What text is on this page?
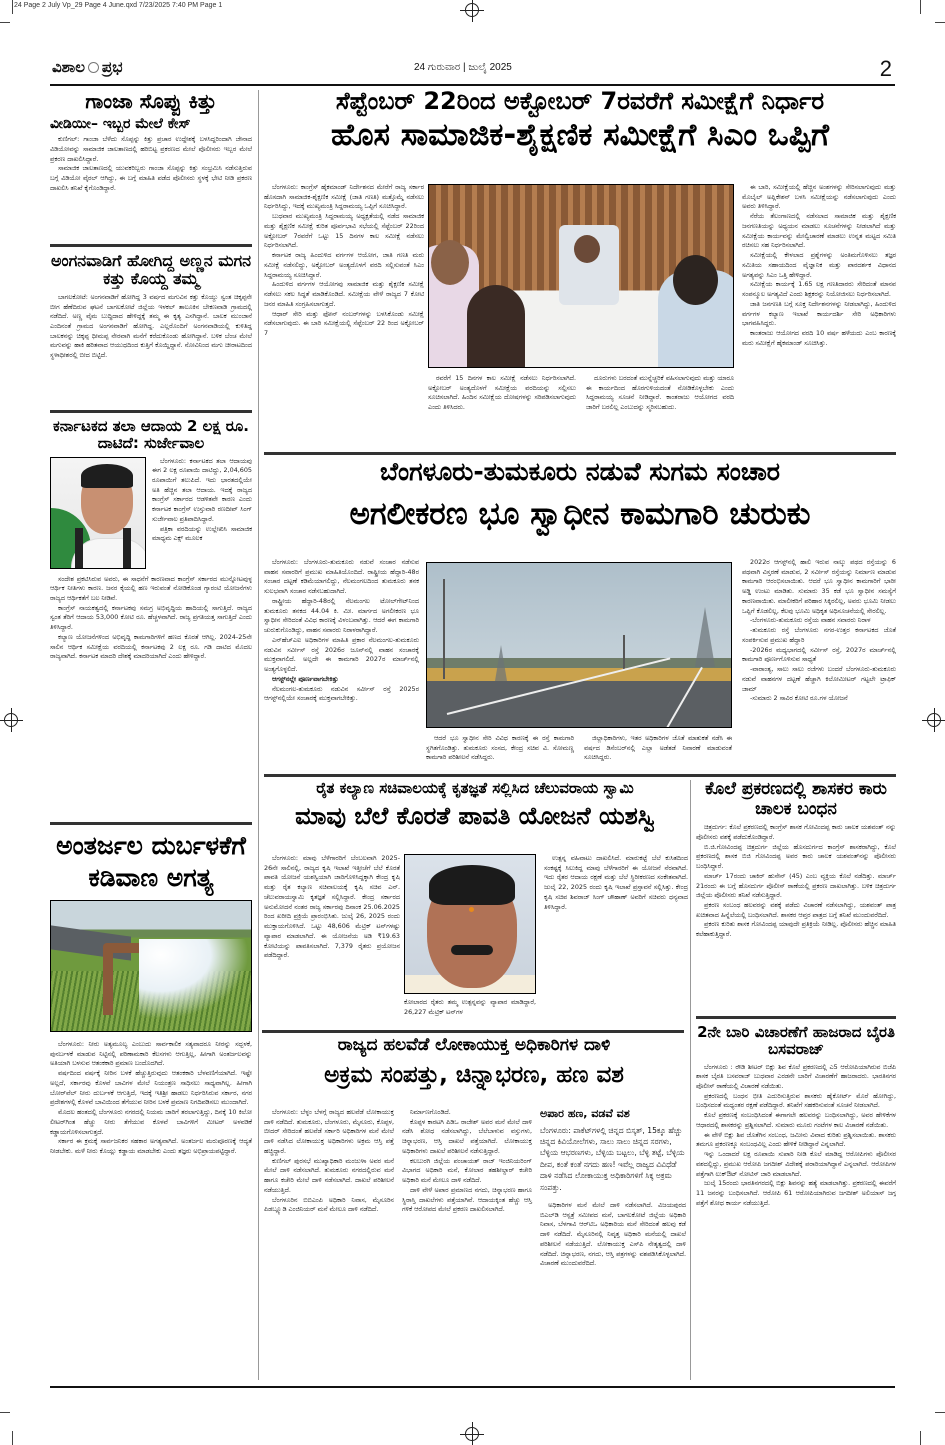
24 Page 2 July Vp_29 Page 4 June.qxd 7/23/2025 7:40 PM Page 1
ವಿಶಾಲ ಪ್ರಭ	24 ಗುರುವಾರ | ಜುಲೈ 2025	2
ಗಾಂಜಾ ಸೊಪ್ಪು ಕಿತ್ತು
ವೀಡಿಯೀ– ಇಬ್ಬರ ಮೇಲೆ ಕೇಸ್

ಕುಣಿಗಲ್: ಗಾಂಜಾ ಬೆಳೆದು ಸೊಪ್ಪನ್ನು ಕಿತ್ತು ಪ್ರಚಾರ ಉದ್ದೇಶಕ್ಕೆ ಬಳಸಿದ್ದರಿಂದಾಗಿ ಜೇನಾದ ವಿಡಿಯೋವನ್ನು ಸಾಮಾಜಿಕ ಜಾಲತಾಣದಲ್ಲಿ ಹರಿಬಿಟ್ಟ ಪ್ರಕರಣದ ಮೇಲೆ ಪೊಲೀಸರು ಇಬ್ಬರ ಮೇಲೆ ಪ್ರಕರಣ ದಾಖಲಿಸಿದ್ದಾರೆ.

ಸಾಮಾಜಿಕ ಜಾಲತಾಣದಲ್ಲಿ ಯುವಕರಿಬ್ಬರು ಗಾಂಜಾ ಸೊಪ್ಪನ್ನು ಕಿತ್ತು ಸಂಭ್ರಮಿಸಿ ನಡೆಸುತ್ತಿರುವ ಬಗ್ಗೆ ವಿಡಿಯೋ ವೈರಲ್ ಆಗಿದ್ದು, ಈ ಬಗ್ಗೆ ಮಾಹಿತಿ ಪಡೆದ ಪೊಲೀಸರು ಸ್ಥಳಕ್ಕೆ ಭೇಟಿ ನೀಡಿ ಪ್ರಕರಣ ದಾಖಲಿಸಿ ತನಿಖೆ ಕೈಗೊಂಡಿದ್ದಾರೆ.

ಅಂಗನವಾಡಿಗೆ ಹೋಗಿದ್ದ ಅಣ್ಣನ ಮಗನ ಕತ್ತು ಕೊಯ್ದ ತಮ್ಮ

ಬಾಗಲಕೋಟೆ: ಅಂಗನವಾಡಿಗೆ ಹೋಗಿದ್ದ 3 ವರ್ಷದ ಮಗುವಿನ ಕತ್ತು ಕೊಯ್ದು ಸ್ವಂತ ಚಿಕ್ಕಪ್ಪನೇ ಬೀಗ ಹೆಣೆದಿರುವ ಘಟನೆ ಬಾಗಲಕೋಟೆ ಜಿಲ್ಲೆಯ ಇಳಕಲ್ ತಾಲೂಕಿನ ಬೇಕಣವಾಡಿ ಗ್ರಾಮದಲ್ಲಿ ನಡೆದಿದೆ. ಅಣ್ಣ ವೈಮ ಬುದ್ಧಿದಾದ ಹೇಳಿದ್ದಕ್ಕೆ ತಮ್ಮ ಈ ಕೃತ್ಯ ಎಸಗಿದ್ದಾನೆ. ಬಾಲಕ ಮುಂಜಾನೆ ಎಂದಿನಂತೆ ಗ್ರಾಮದ ಅಂಗನವಾಡಿಗೆ ಹೋಗಿದ್ದ. ಎಲ್ಲರೊಂದಿಗೆ ಅಂಗನವಾಡಿಯಲ್ಲಿ ಕುಳಿತಿದ್ದ ಬಾಲಕನನ್ನು ಚಿಕ್ಕಪ್ಪ ಧೀಮಪ್ಪ ನೇರವಾಗಿ ಮನೆಗೆ ಕರೆದುಕೊಂಡು ಹೋಗಿದ್ದಾನೆ. ಬಳಿಕ ಬೆಂಚ ಮೇಲೆ ಮಗುವನ್ನು ಹಾಕಿ ಹರಿತವಾದ ಆಯುಧದಿಂದ ಕುತ್ತಿಗೆ ಕೊಯ್ದಿದ್ದಾನೆ. ನೋವಿನಿಂದ ಮಗು ಚೀರಾಟದಿಂದ ಸ್ಥಳಾಧೀಶರಲ್ಲಿ ಬೀದ ಬಿಟ್ಟಿದೆ.

ಕರ್ನಾಟಕದ ತಲಾ ಆದಾಯ 2 ಲಕ್ಷ ರೂ. ದಾಟಿದೆ: ಸುರ್ಜೇವಾಲ

ಬೆಂಗಳೂರು: ಕರ್ನಾಟಕದ ತಲಾ ಆದಾಯವು ಈಗ 2 ಲಕ್ಷ ರೂಪಾಯಿ ದಾಟಿದ್ದು, 2,04,605 ರೂಪಾಯಿಗೆ ತಲುಪಿದೆ. ಇದು ಭಾರತದಲ್ಲಿಯೇ ಅತಿ ಹೆಚ್ಚಿನ ತಲಾ ಆದಾಯ. ಇದಕ್ಕೆ ರಾಜ್ಯದ ಕಾಂಗ್ರೆಸ್ ಸರ್ಕಾರದ ಆಡಳಿತವೇ ಕಾರಣ ಎಂದು ಕರ್ನಾಟಕ ಕಾಂಗ್ರೆಸ್ ಉಸ್ತುವಾರಿ ರಣದೀಪ್ ಸಿಂಗ್ ಸುರ್ಜೇವಾಲ ಪ್ರತಿಪಾದಿಸಿದ್ದಾರೆ.

ಪತ್ರಿಕಾ ವರದಿಯನ್ನು ಉಲ್ಲೇಖಿಸಿ ಸಾಮಾಜಿಕ ಮಾಧ್ಯಮ ಎಕ್ಸ್ ಮೂಲಕ

ಸಂದೇಶ ಪ್ರಕಟಿಸಿರುವ ಅವರು, ಈ ಸಾಧನೆಗೆ ಕಾರಣವಾದ ಕಾಂಗ್ರೆಸ್ ಸರ್ಕಾರದ ಮುನ್ನೋಟವುಳ್ಳ ಆರ್ಥಿಕ ನೀತಿಗಳು ಕಾರಣ. ಜನರ ಕೈಯಲ್ಲಿ ಹಣ ಇರುವಂತೆ ನೋಡಿಕೊಂಡ ಗ್ಯಾರಂಟಿ ಯೋಜನೆಗಳು ರಾಜ್ಯದ ಆರ್ಥಿಕತೆಗೆ ಬಲ ನೀಡಿವೆ.

ಕಾಂಗ್ರೆಸ್ ನಾಯಕತ್ವದಲ್ಲಿ ಕರ್ನಾಟಕವು ಸಮಗ್ರ ಅಭಿವೃದ್ಧಿಯ ಹಾದಿಯಲ್ಲಿ ಸಾಗುತ್ತಿದೆ. ರಾಜ್ಯದ ಸ್ವಂತ ತೆರಿಗೆ ಆದಾಯ 53,000 ಕೋಟಿ ರೂ. ಹೆಚ್ಚಳವಾಗಿದೆ. ರಾಜ್ಯ ಪ್ರಗತಿಯತ್ತ ಸಾಗುತ್ತಿದೆ ಎಂದು ತಿಳಿಸಿದ್ದಾರೆ.

ಕಲ್ಯಾಣ ಯೋಜನೆಗಳಿಂದ ಅಭಿವೃದ್ಧಿ ಕಾಮಗಾರಿಗಳಿಗೆ ಹಣದ ಕೊರತೆ ಆಗಿಲ್ಲ. 2024-25ನೇ ಸಾಲಿನ ಆರ್ಥಿಕ ಸಮೀಕ್ಷೆಯ ವರದಿಯಲ್ಲಿ ಕರ್ನಾಟಕವು 2 ಲಕ್ಷ ರೂ. ಗಡಿ ದಾಟಿದ ಮೊದಲ ರಾಜ್ಯವಾಗಿದೆ. ಕರ್ನಾಟಕ ಮಾದರಿ ದೇಶಕ್ಕೆ ಮಾದರಿಯಾಗಿದೆ ಎಂದು ಹೇಳಿದ್ದಾರೆ.

ಅಂತರ್ಜಲ ದುರ್ಬಳಕೆಗೆ ಕಡಿವಾಣ ಅಗತ್ಯ

ಬೆಂಗಳೂರು: ನೀರು ಅತ್ಯಮೂಲ್ಯ ಎಂಬುದು ಸಾರ್ವಕಾಲಿಕ ಸತ್ಯವಾದರೂ ನೀರನ್ನು ಸದ್ಬಳಕೆ, ಪುನರ್ಬಳಕೆ ಮಾಡುವ ನಿಟ್ಟಿನಲ್ಲಿ ಪರಿಣಾಮಕಾರಿ ಕೆಲಸಗಳು ಆಗುತ್ತಿಲ್ಲ, ಹೀಗಾಗಿ ಅಂತರ್ಜಲವನ್ನು ಅತಿಯಾಗಿ ಬಳಸುವ ಆತಂಕಕಾರಿ ಪ್ರಮಾಣ ಬಂದೊದಗಿದೆ.

ವರ್ಷದಿಂದ ವರ್ಷಕ್ಕೆ ನೀರಿನ ಬಳಕೆ ಹೆಚ್ಚುತ್ತಿರುವುದು ಆತಂಕಕಾರಿ ಬೆಳವಣಿಗೆಯಾಗಿದೆ. ಇಷ್ಟೇ ಅಲ್ಲದೆ, ಸರ್ಕಾರವು ಕೊಳವೆ ಬಾವಿಗಳ ಮೇಲೆ ನಿಯಂತ್ರಣ ಸಾಧಿಸಲು ಸಾಧ್ಯವಾಗಿಲ್ಲ. ಹೀಗಾಗಿ ಬೋರ್‌ವೆಲ್ ನೀರು ದುರ್ಬಳಕೆ ಆಗುತ್ತಿದೆ, ಇದಕ್ಕೆ ಇತಿಶ್ರೀ ಹಾಡಲು ನಿರ್ಧರಿಸಿರುವ ಸರ್ಕಾರ, ನಗರ ಪ್ರದೇಶಗಳಲ್ಲಿ ಕೊಳವೆ ಬಾವಿಯಿಂದ ತೆಗೆಯುವ ನೀರಿನ ಬಳಕೆ ಪ್ರಮಾಣ ನಿಗದಿಪಡಿಸಲು ಮುಂದಾಗಿದೆ.

ಮೊದಲ ಹಂತದಲ್ಲಿ ಬೆಂಗಳೂರು ನಗರದಲ್ಲಿ ನಿಯಮ ಜಾರಿಗೆ ತರಲಾಗುತ್ತಿದ್ದು, ದಿನಕ್ಕೆ 10 ಕಿಲೋ ಲೀಟರ್‌ಗಿಂತ ಹೆಚ್ಚು ನೀರು ತೆಗೆಯುವ ಕೊಳವೆ ಬಾವಿಗಳಿಗೆ ಮೀಟರ್ ಅಳವಡಿಕೆ ಕಡ್ಡಾಯಗೊಳಿಸಲಾಗುತ್ತದೆ.

ಸರ್ಕಾರ ಈ ಕ್ರಮಕ್ಕೆ ಸಾರ್ವಜನಿಕರ ಸಹಕಾರ ಅಗತ್ಯವಾಗಿದೆ. ಅಂತರ್ಜಲ ಮರುಪೂರಣಕ್ಕೆ ಆದ್ಯತೆ ನೀಡಬೇಕು. ಮಳೆ ನೀರು ಕೊಯ್ಲು ಕಡ್ಡಾಯ ಮಾಡಬೇಕು ಎಂದು ತಜ್ಞರು ಅಭಿಪ್ರಾಯಪಟ್ಟಿದ್ದಾರೆ.

ಸೆಪ್ಟೆಂಬರ್ 22ರಿಂದ ಅಕ್ಟೋಬರ್ 7ರವರೆಗೆ ಸಮೀಕ್ಷೆಗೆ ನಿರ್ಧಾರ
ಹೊಸ ಸಾಮಾಜಿಕ-ಶೈಕ್ಷಣಿಕ ಸಮೀಕ್ಷೆಗೆ ಸಿಎಂ ಒಪ್ಪಿಗೆ

ಬೆಂಗಳೂರು: ಕಾಂಗ್ರೆಸ್ ಹೈಕಮಾಂಡ್ ನಿರ್ದೇಶನದ ಮೇರೆಗೆ ರಾಜ್ಯ ಸರ್ಕಾರ ಹೊಸದಾಗಿ ಸಾಮಾಜಿಕ-ಶೈಕ್ಷಣಿಕ ಸಮೀಕ್ಷೆ (ಜಾತಿ ಗಣತಿ) ಮತ್ತೊಮ್ಮೆ ನಡೆಸಲು ನಿರ್ಧರಿಸಿದ್ದು, ಇದಕ್ಕೆ ಮುಖ್ಯಮಂತ್ರಿ ಸಿದ್ದರಾಮಯ್ಯ ಒಪ್ಪಿಗೆ ಸೂಚಿಸಿದ್ದಾರೆ.

ಬುಧವಾರ ಮುಖ್ಯಮಂತ್ರಿ ಸಿದ್ದರಾಮಯ್ಯ ಅಧ್ಯಕ್ಷತೆಯಲ್ಲಿ ನಡೆದ ಸಾಮಾಜಿಕ ಮತ್ತು ಶೈಕ್ಷಣಿಕ ಸಮೀಕ್ಷೆ ಕುರಿತ ಪೂರ್ವಭಾವಿ ಸಭೆಯಲ್ಲಿ ಸೆಪ್ಟೆಂಬರ್ 22ರಿಂದ ಅಕ್ಟೋಬರ್ 7ರವರೆಗೆ ಒಟ್ಟು 15 ದಿನಗಳ ಕಾಲ ಸಮೀಕ್ಷೆ ನಡೆಸಲು ನಿರ್ಧರಿಸಲಾಗಿದೆ.

ಕರ್ನಾಟಕ ರಾಜ್ಯ ಹಿಂದುಳಿದ ವರ್ಗಗಳ ಆಯೋಗ, ಜಾತಿ ಗಣತಿ ಮರು ಸಮೀಕ್ಷೆ ನಡೆಸಲಿದ್ದು, ಅಕ್ಟೋಬರ್ ಅಂತ್ಯದೊಳಗೆ ವರದಿ ಸಲ್ಲಿಸುವಂತೆ ಸಿಎಂ ಸಿದ್ದರಾಮಯ್ಯ ಸೂಚಿಸಿದ್ದಾರೆ.

ಹಿಂದುಳಿದ ವರ್ಗಗಳ ಆಯೋಗವು ಸಾಮಾಜಿಕ ಮತ್ತು ಶೈಕ್ಷಣಿಕ ಸಮೀಕ್ಷೆ ನಡೆಸಲು ಸಕಲ ಸಿದ್ಧತೆ ಮಾಡಿಕೊಂಡಿದೆ. ಸಮೀಕ್ಷೆಯ ವೇಳೆ ರಾಜ್ಯದ 7 ಕೋಟಿ ಜನರ ಮಾಹಿತಿ ಸಂಗ್ರಹಿಸಲಾಗುತ್ತದೆ.

ಆಧಾರ್ ಸೇರಿ ಮತ್ತು ಫೋನ್ ನಂಬರ್‌ಗಳನ್ನು ಬಳಸಿಕೊಂಡು ಸಮೀಕ್ಷೆ ನಡೆಸಲಾಗುವುದು. ಈ ಬಾರಿ ಸಮೀಕ್ಷೆಯಲ್ಲಿ ಸೆಪ್ಟೆಂಬರ್ 22 ರಿಂದ ಅಕ್ಟೋಬರ್ 7

ರವರೆಗೆ 15 ದಿನಗಳ ಕಾಲ ಸಮೀಕ್ಷೆ ನಡೆಸಲು ನಿರ್ಧರಿಸಲಾಗಿದೆ. ಅಕ್ಟೋಬರ್ ಅಂತ್ಯದೊಳಗೆ ಸಮೀಕ್ಷೆಯ ವರದಿಯನ್ನು ಸಲ್ಲಿಸಲು ಸೂಚಿಸಲಾಗಿದೆ. ಹಿಂದಿನ ಸಮೀಕ್ಷೆಯ ದೋಷಗಳನ್ನು ಸರಿಪಡಿಸಲಾಗುವುದು ಎಂದು ತಿಳಿಸಿದರು.

ದೂರುಗಳು ಬರದಂತೆ ಮುನ್ನೆಚ್ಚರಿಕೆ ವಹಿಸಲಾಗುವುದು ಮತ್ತು ಯಾರೂ ಈ ಕಾರ್ಯದಿಂದ ಹೊರಗುಳಿಯದಂತೆ ನೋಡಿಕೊಳ್ಳಬೇಕು ಎಂದು ಸಿದ್ದರಾಮಯ್ಯ ಸೂಚನೆ ನೀಡಿದ್ದಾರೆ. ಕಾಂತರಾಜು ಆಯೋಗದ ವರದಿ ಜಾರಿಗೆ ಬರಲಿಲ್ಲ ಎಂಬುದನ್ನು ಸ್ಮರಿಸಬಹುದು.

ಈ ಬಾರಿ, ಸಮೀಕ್ಷೆಯಲ್ಲಿ ಹೆಚ್ಚಿನ ಅಂಶಗಳನ್ನು ಸೇರಿಸಲಾಗುವುದು ಮತ್ತು ಮೊಬೈಲ್ ಅಪ್ಲಿಕೇಶನ್ ಬಳಸಿ ಸಮೀಕ್ಷೆಯನ್ನು ನಡೆಸಲಾಗುವುದು ಎಂದು ಅವರು ತಿಳಿಸಿದ್ದಾರೆ.

ನೆರೆಯ ತೆಲಂಗಾಣದಲ್ಲಿ ನಡೆಸಲಾದ ಸಾಮಾಜಿಕ ಮತ್ತು ಶೈಕ್ಷಣಿಕ ಜನಗಣತಿಯನ್ನು ಅಧ್ಯಯನ ಮಾಡಲು ಸೂಚನೆಗಳನ್ನು ನೀಡಲಾಗಿದೆ ಮತ್ತು ಸಮೀಕ್ಷೆಯ ಕಾರ್ಯವನ್ನು ಮೇಲ್ವಿಚಾರಣೆ ಮಾಡಲು ಉನ್ನತ ಮಟ್ಟದ ಸಮಿತಿ ರಚಿಸಲು ಸಹ ನಿರ್ಧರಿಸಲಾಗಿದೆ.

ಸಮೀಕ್ಷೆಯಲ್ಲಿ ಕೇಳಲಾದ ಪ್ರಶ್ನೆಗಳನ್ನು ಅಂತಿಮಗೊಳಿಸಲು ತಜ್ಞರ ಸಮಿತಿಯ ಸಹಾಯದಿಂದ ವೈಜ್ಞಾನಿಕ ಮತ್ತು ಪಾರದರ್ಶಕ ವಿಧಾನದ ಅಗತ್ಯವನ್ನು ಸಿಎಂ ಒತ್ತಿ ಹೇಳಿದ್ದಾರೆ.

ಸಮೀಕ್ಷೆಯ ಕಾರ್ಯಕ್ಕೆ 1.65 ಲಕ್ಷ ಗಣತಿದಾರರು ಸೇರಿದಂತೆ ಮಾನವ ಸಂಪನ್ಮೂಲ ಅಗತ್ಯವಿದೆ ಎಂದು ಶಿಕ್ಷಕರನ್ನು ನಿಯೋಜಿಸಲು ನಿರ್ಧರಿಸಲಾಗಿದೆ.

ಜಾತಿ ಜನಗಣತಿ ಬಗ್ಗೆ ಸೂಕ್ತ ನಿರ್ದೇಶನಗಳನ್ನು ನೀಡಲಾಗಿದ್ದು, ಹಿಂದುಳಿದ ವರ್ಗಗಳ ಕಲ್ಯಾಣ ಇಲಾಖೆ ಕಾರ್ಯದರ್ಶಿ ಸೇರಿ ಅಧಿಕಾರಿಗಳು ಭಾಗವಹಿಸಿದ್ದರು.

ಕಾಂತರಾಜು ಆಯೋಗದ ವರದಿ 10 ವರ್ಷ ಹಳೆಯದು ಎಂಬ ಕಾರಣಕ್ಕೆ ಮರು ಸಮೀಕ್ಷೆಗೆ ಹೈಕಮಾಂಡ್ ಸೂಚಿಸಿತ್ತು.

ಬೆಂಗಳೂರು-ತುಮಕೂರು ನಡುವೆ ಸುಗಮ ಸಂಚಾರ
ಅಗಲೀಕರಣ ಭೂ ಸ್ವಾಧೀನ ಕಾಮಗಾರಿ ಚುರುಕು

ಬೆಂಗಳೂರು: ಬೆಂಗಳೂರು-ತುಮಕೂರು ನಡುವೆ ಸಂಚಾರ ನಡೆಸುವ ವಾಹನ ಸವಾರರಿಗೆ ಪ್ರಮುಖ ಮಾಹಿತಿಯೊಂದಿದೆ. ರಾಷ್ಟ್ರೀಯ ಹೆದ್ದಾರಿ-48ರ ಸಂಚಾರ ದಟ್ಟಣೆ ಕಡಿಮೆಯಾಗಲಿದ್ದು, ನೆಲಮಂಗಲದಿಂದ ತುಮಕೂರು ತನಕ ಸುಲಭವಾಗಿ ಸಂಚಾರ ನಡೆಸಬಹುದಾಗಿದೆ.

ರಾಷ್ಟ್ರೀಯ ಹೆದ್ದಾರಿ-48ರಲ್ಲಿ ನೆಲಮಂಗಲ ಟೋಲ್‌ಗೇಟ್‌ನಿಂದ ತುಮಕೂರು ತನಕದ 44.04 ಕಿ. ಮೀ. ಮಾರ್ಗದ ಅಗಲೀಕರಣ ಭೂ ಸ್ವಾಧೀನ ಸೇರಿದಂತೆ ವಿವಿಧ ಕಾರಣಕ್ಕೆ ವಿಳಂಬವಾಗಿತ್ತು. ಆದರೆ ಈಗ ಕಾಮಗಾರಿ ಚುರುಕುಗೊಂಡಿದ್ದು, ವಾಹನ ಸವಾರರು ನಿರಾಳರಾಗಿದ್ದಾರೆ.

ಎನ್‌ಹೆಚ್‌ಎಐ ಅಧಿಕಾರಿಗಳ ಮಾಹಿತಿ ಪ್ರಕಾರ ನೆಲಮಂಗಲ-ತುಮಕೂರು ನಡುವಿನ ಸರ್ವೀಸ್ ರಸ್ತೆ 2026ರ ಜೂನ್‌ನಲ್ಲಿ ವಾಹನ ಸಂಚಾರಕ್ಕೆ ಮುಕ್ತವಾಗಲಿದೆ. ಅಲ್ಲದೇ ಈ ಕಾಮಗಾರಿ 2027ರ ಮಾರ್ಚ್‌ನಲ್ಲಿ ಅಂತ್ಯಗೊಳ್ಳಲಿದೆ.

ಆಗಸ್ಟ್‌ನಲ್ಲೇ ಪೂರ್ಣವಾಗಬೇಕಿತ್ತು

ನೆಲಮಂಗಲ-ತುಮಕೂರು ನಡುವಿನ ಸರ್ವೀಸ್ ರಸ್ತೆ 2025ರ ಆಗಸ್ಟ್‌ನಲ್ಲಿಯೇ ಸಂಚಾರಕ್ಕೆ ಮುಕ್ತವಾಗಬೇಕಿತ್ತು.

ಆದರೆ ಭೂ ಸ್ವಾಧೀನ ಸೇರಿ ವಿವಿಧ ಕಾರಣಕ್ಕೆ ಈ ರಸ್ತೆ ಕಾಮಗಾರಿ ಸ್ಥಗಿತಗೊಂಡಿತ್ತು. ತುಮಕೂರು ಸಂಸದ, ಕೇಂದ್ರ ಸಚಿವ ವಿ. ಸೋಮಣ್ಣ ಕಾಮಗಾರಿ ಪರಿಶೀಲನೆ ನಡೆಸಿದ್ದರು.

ಜಿಲ್ಲಾಧಿಕಾರಿಗಳು, ಇತರ ಅಧಿಕಾರಿಗಳ ಜೊತೆ ಮಾತುಕತೆ ನಡೆಸಿ ಈ ವರ್ಷದ ಡಿಸೆಂಬರ್‌ನಲ್ಲಿ ಎಲ್ಲಾ ಅಡೆತಡೆ ನಿವಾರಣೆ ಮಾಡುವಂತೆ ಸೂಚಿಸಿದ್ದರು.

2022ರ ಆಗಸ್ಟ್‌ನಲ್ಲಿ ಹಾಲಿ ಇರುವ ನಾಲ್ಕು ಪಥದ ರಸ್ತೆಯನ್ನು 6 ಪಥವಾಗಿ ವಿಸ್ತರಣೆ ಮಾಡುವ, 2 ಸರ್ವೀಸ್ ರಸ್ತೆಯನ್ನು ನಿರ್ಮಾಣ ಮಾಡುವ ಕಾಮಗಾರಿ ಆರಂಭಿಸಲಾಯಿತು. ಆದರೆ ಭೂ ಸ್ವಾಧೀನ ಕಾಮಗಾರಿಗೆ ಭಾರೀ ಅಡ್ಡಿ ಉಂಟು ಮಾಡಿತು. ಸುಮಾರು 35 ಕಡೆ ಭೂ ಸ್ವಾಧೀನ ಸಮಸ್ಯೆಗೆ ಕಾರಣವಾಯಿತು. ಮಾಲೀಕರಿಗೆ ಪರಿಹಾರ ಸಿಕ್ಕಿರಲಿಲ್ಲ, ಅವರು ಭೂಮಿ ನೀಡಲು ಒಪ್ಪಿಗೆ ಕೊಡಲಿಲ್ಲ, ಕೆಲವು ಭೂಮಿ ಅಧಿಕೃತ ಅಧಿಸೂಚನೆಯಲ್ಲಿ ಸೇರಲಿಲ್ಲ.

-ಬೆಂಗಳೂರು-ತುಮಕೂರು ರಸ್ತೆಯ ವಾಹನ ಸವಾರರು ನಿರಾಳ

-ತುಮಕೂರು ರಸ್ತೆ ಬೆಂಗಳೂರು ನಗರ-ಉತ್ತರ ಕರ್ನಾಟಕದ ಜೊತೆ ಸಂಪರ್ಕಿಸುವ ಪ್ರಮುಖ ಹೆದ್ದಾರಿ

-2026ರ ಮಧ್ಯಭಾಗದಲ್ಲಿ ಸರ್ವೀಸ್ ರಸ್ತೆ, 2027ರ ಮಾರ್ಚ್‌ನಲ್ಲಿ ಕಾಮಗಾರಿ ಪೂರ್ಣಗೊಳಿಸುವ ಸಾಧ್ಯತೆ

-ವಾರಾಂತ್ಯ, ಸಾಲು ಸಾಲು ರಜೆಗಳು ಬಂದರೆ ಬೆಂಗಳೂರು-ತುಮಕೂರು ನಡುವೆ ವಾಹನಗಳ ದಟ್ಟಣೆ ಹೆಚ್ಚಾಗಿ ಕಿಲೋಮೀಟರ್ ಗಟ್ಟಲೇ ಟ್ರಾಫಿಕ್ ಜಾಮ್

-ಸುಮಾರು 2 ಸಾವಿರ ಕೋಟಿ ರೂ.ಗಳ ಯೋಜನೆ

ರೈತ ಕಲ್ಯಾಣ ಸಚಿವಾಲಯಕ್ಕೆ ಕೃತಜ್ಞತೆ ಸಲ್ಲಿಸಿದ ಚೆಲುವರಾಯ ಸ್ವಾಮಿ
ಮಾವು ಬೆಲೆ ಕೊರತೆ ಪಾವತಿ ಯೋಜನೆ ಯಶಸ್ವಿ

ಬೆಂಗಳೂರು: ಮಾವು ಬೆಳೆಗಾರರಿಗೆ ಬೆಂಬಲವಾಗಿ 2025-26ನೇ ಸಾಲಿನಲ್ಲಿ, ರಾಜ್ಯದ ಕೃಷಿ ಇಲಾಖೆ ಇತ್ತೀಚೆಗೆ ಬೆಲೆ ಕೊರತೆ ಪಾವತಿ ಯೋಜನೆ ಯಶಸ್ವಿಯಾಗಿ ಜಾರಿಗೊಳಿಸಿದ್ದಕ್ಕಾಗಿ ಕೇಂದ್ರ ಕೃಷಿ ಮತ್ತು ರೈತ ಕಲ್ಯಾಣ ಸಚಿವಾಲಯಕ್ಕೆ ಕೃಷಿ ಸಚಿವ ಎನ್. ಚೆಲುವರಾಯಸ್ವಾಮಿ ಕೃತಜ್ಞತೆ ಸಲ್ಲಿಸಿದ್ದಾರೆ. ಕೇಂದ್ರ ಸರ್ಕಾರದ ಅನುಮೋದನೆ ನಂತರ ರಾಜ್ಯ ಸರ್ಕಾರವು ದಿನಾಂಕ 25.06.2025 ರಿಂದ ಖರೀದಿ ಪ್ರಕ್ರಿಯೆ ಪ್ರಾರಂಭಿಸಿತು. ಜುಲೈ 26, 2025 ರಂದು ಮುಕ್ತಾಯಗೊಳಿಸಿದೆ. ಒಟ್ಟು 48,606 ಮೆಟ್ರಿಕ್ ಟನ್‌ಗಳಷ್ಟು ವ್ಯಾಪಾರ ಮಾಡಲಾಗಿದೆ. ಈ ಯೋಜನೆಯ ಅಡಿ ₹19.63 ಕೋಟಿಯನ್ನು ಪಾವತಿಸಲಾಗಿದೆ. 7,379 ರೈತರು ಪ್ರಯೋಜನ ಪಡೆದಿದ್ದಾರೆ.

ಕೋಲಾರದ ರೈತರು ತಮ್ಮ ಉತ್ಪನ್ನವನ್ನು ವ್ಯಾಪಾರ ಮಾಡಿದ್ದಾರೆ, 26,227 ಮೆಟ್ರಿಕ್ ಟನ್‌ಗಳ

ಉತ್ಪನ್ನ ವಹಿವಾಟು ದಾಖಲಿಸಿದೆ. ಮಾರುಕಟ್ಟೆ ಬೆಲೆ ಕುಸಿತದಿಂದ ಸಂಕಷ್ಟಕ್ಕೆ ಸಿಲುಕಿದ್ದ ಮಾವು ಬೆಳೆಗಾರರಿಗೆ ಈ ಯೋಜನೆ ನೆರವಾಗಿದೆ. ಇದು ರೈತರ ಆದಾಯ ರಕ್ಷಣೆ ಮತ್ತು ಬೆಲೆ ಸ್ಥಿರೀಕರಣದ ಸಂಕೇತವಾಗಿದೆ. ಜುಲೈ 22, 2025 ರಂದು ಕೃಷಿ ಇಲಾಖೆ ಪ್ರಸ್ತಾವನೆ ಸಲ್ಲಿಸಿತ್ತು. ಕೇಂದ್ರ ಕೃಷಿ ಸಚಿವ ಶಿವರಾಜ್ ಸಿಂಗ್ ಚೌಹಾಣ್ ಅವರಿಗೆ ಸಚಿವರು ಧನ್ಯವಾದ ತಿಳಿಸಿದ್ದಾರೆ.

ಕೊಲೆ ಪ್ರಕರಣದಲ್ಲಿ ಶಾಸಕರ ಕಾರು ಚಾಲಕ ಬಂಧನ

ಚಿತ್ರದುರ್ಗ: ಕೊಲೆ ಪ್ರಕರಣದಲ್ಲಿ ಕಾಂಗ್ರೆಸ್ ಶಾಸಕ ಗೋವಿಂದಪ್ಪ ಕಾರು ಚಾಲಕ ಯಶವಂತ್ ನನ್ನು ಪೊಲೀಸರು ವಶಕ್ಕೆ ಪಡೆದುಕೊಂಡಿದ್ದಾರೆ.

ಬಿ.ಜಿ.ಗೋವಿಂದಪ್ಪ ಚಿತ್ರದುರ್ಗ ಜಿಲ್ಲೆಯ ಹೊಸದುರ್ಗದ ಕಾಂಗ್ರೆಸ್ ಶಾಸಕರಾಗಿದ್ದು, ಕೊಲೆ ಪ್ರಕರಣದಲ್ಲಿ ಶಾಸಕ ಬಿಜಿ ಗೋವಿಂದಪ್ಪ ಅವರ ಕಾರು ಚಾಲಕ ಯಶವಂತ್‌ನನ್ನು ಪೊಲೀಸರು ಬಂಧಿಸಿದ್ದಾರೆ.

ಮಾರ್ಚ್ 17ರಂದು ಚಾಕಿರ್ ಹುಸೇನ್ (45) ಎಂಬ ವ್ಯಕ್ತಿಯ ಕೊಲೆ ನಡೆದಿತ್ತು. ಮಾರ್ಚ್ 21ರಂದು ಈ ಬಗ್ಗೆ ಹೊಸದುರ್ಗ ಪೊಲೀಸ್ ಠಾಣೆಯಲ್ಲಿ ಪ್ರಕರಣ ದಾಖಲಾಗಿತ್ತು. ಬಳಿಕ ಚಿತ್ರದುರ್ಗ ಜಿಲ್ಲೆಯ ಪೊಲೀಸರು ತನಿಖೆ ನಡೆಸುತ್ತಿದ್ದಾರೆ.

ಪ್ರಕರಣ ಸಂಬಂಧ ಹಲವರನ್ನು ವಶಕ್ಕೆ ಪಡೆದು ವಿಚಾರಣೆ ನಡೆಸಲಾಗಿದ್ದು, ಯಶವಂತ್ ಪಾತ್ರ ಖಚಿತವಾದ ಹಿನ್ನೆಲೆಯಲ್ಲಿ ಬಂಧಿಸಲಾಗಿದೆ. ಶಾಸಕರ ಆಪ್ತರ ಪಾತ್ರದ ಬಗ್ಗೆ ತನಿಖೆ ಮುಂದುವರೆದಿದೆ.

ಪ್ರಕರಣ ಕುರಿತು ಶಾಸಕ ಗೋವಿಂದಪ್ಪ ಯಾವುದೇ ಪ್ರತಿಕ್ರಿಯೆ ನೀಡಿಲ್ಲ. ಪೊಲೀಸರು ಹೆಚ್ಚಿನ ಮಾಹಿತಿ ಕಲೆಹಾಕುತ್ತಿದ್ದಾರೆ.

2ನೇ ಬಾರಿ ವಿಚಾರಣೆಗೆ ಹಾಜರಾದ ಬೈರತಿ ಬಸವರಾಜ್

ಬೆಂಗಳೂರು : ರೌಡಿ ಶೀಟರ್ ಬಿಕ್ಲು ಶಿವ ಕೊಲೆ ಪ್ರಕರಣದಲ್ಲಿ ಎ5 ಆರೋಪಿಯಾಗಿರುವ ಬಿಜೆಪಿ ಶಾಸಕ ಬೈರತಿ ಬಸವರಾಜ್ ಬುಧವಾರ ಎರಡನೇ ಬಾರಿಗೆ ವಿಚಾರಣೆಗೆ ಹಾಜರಾದರು. ಭಾರತಿನಗರ ಪೊಲೀಸ್ ಠಾಣೆಯಲ್ಲಿ ವಿಚಾರಣೆ ನಡೆಯಿತು.

ಪ್ರಕರಣದಲ್ಲಿ ಬಂಧನ ಭೀತಿ ಎದುರಿಸುತ್ತಿರುವ ಶಾಸಕರು ಹೈಕೋರ್ಟ್ ಮೊರೆ ಹೋಗಿದ್ದು, ಬಂಧಿಸದಂತೆ ಮಧ್ಯಂತರ ರಕ್ಷಣೆ ಪಡೆದಿದ್ದಾರೆ. ತನಿಖೆಗೆ ಸಹಕರಿಸುವಂತೆ ಸೂಚನೆ ನೀಡಲಾಗಿದೆ.

ಕೊಲೆ ಪ್ರಕರಣಕ್ಕೆ ಸಂಬಂಧಿಸಿದಂತೆ ಈಗಾಗಲೇ ಹಲವರನ್ನು ಬಂಧಿಸಲಾಗಿದ್ದು, ಅವರ ಹೇಳಿಕೆಗಳ ಆಧಾರದಲ್ಲಿ ಶಾಸಕರನ್ನು ಪ್ರಶ್ನಿಸಲಾಗಿದೆ. ಸುಮಾರು ಮೂರು ಗಂಟೆಗಳ ಕಾಲ ವಿಚಾರಣೆ ನಡೆಯಿತು.

ಈ ವೇಳೆ ಬಿಕ್ಲು ಶಿವ ಜೊತೆಗಿನ ಸಂಬಂಧ, ಜಮೀನು ವಿವಾದ ಕುರಿತು ಪ್ರಶ್ನಿಸಲಾಯಿತು. ಶಾಸಕರು ತಮಗೂ ಪ್ರಕರಣಕ್ಕೂ ಸಂಬಂಧವಿಲ್ಲ ಎಂದು ಹೇಳಿಕೆ ನೀಡಿದ್ದಾರೆ ಎನ್ನಲಾಗಿದೆ.

ಇನ್ನು ಒಂದಾದರೆ ಲಕ್ಷ ರೂಪಾಯಿ ಸುಪಾರಿ ನೀಡಿ ಕೊಲೆ ಮಾಡಿದ್ದ ಆರೋಪಿಗಳು ಪೊಲೀಸರ ವಶದಲ್ಲಿದ್ದು, ಪ್ರಮುಖ ಆರೋಪಿ ಜಗದೀಶ್ ವಿದೇಶಕ್ಕೆ ಪರಾರಿಯಾಗಿದ್ದಾನೆ ಎನ್ನಲಾಗಿದೆ. ಆರೋಪಿಗಳ ಪತ್ತೆಗಾಗಿ ಲುಕ್‌ಔಟ್ ನೋಟಿಸ್ ಜಾರಿ ಮಾಡಲಾಗಿದೆ.

ಜುಲೈ 15ರಂದು ಭಾರತಿನಗರದಲ್ಲಿ ಬಿಕ್ಲು ಶಿವನನ್ನು ಹತ್ಯೆ ಮಾಡಲಾಗಿತ್ತು. ಪ್ರಕರಣದಲ್ಲಿ ಈವರೆಗೆ 11 ಜನರನ್ನು ಬಂಧಿಸಲಾಗಿದೆ. ಆರೋಪಿ 61 ಆರೋಪಿಯಾಗಿರುವ ಜಗದೀಶ್ ಅಲಿಯಾಸ್ ಜಗ್ಗ ಪತ್ತೆಗೆ ಶೋಧ ಕಾರ್ಯ ನಡೆಯುತ್ತಿದೆ.

ರಾಜ್ಯದ ಹಲವೆಡೆ ಲೋಕಾಯುಕ್ತ ಅಧಿಕಾರಿಗಳ ದಾಳಿ
ಅಕ್ರಮ ಸಂಪತ್ತು, ಚಿನ್ನಾಭರಣ, ಹಣ ವಶ

ಬೆಂಗಳೂರು: ಬೆಳ್ಳಂ ಬೆಳಗ್ಗೆ ರಾಜ್ಯದ ಹಲವೆಡೆ ಲೋಕಾಯುಕ್ತ ದಾಳಿ ನಡೆದಿದೆ. ತುಮಕೂರು, ಬೆಂಗಳೂರು, ಮೈಸೂರು, ಕೊಪ್ಪಳ, ಬೀದರ್ ಸೇರಿದಂತೆ ಹಲವೆಡೆ ಸರ್ಕಾರಿ ಅಧಿಕಾರಿಗಳ ಮನೆ ಮೇಲೆ ದಾಳಿ ನಡೆಸಿದ ಲೋಕಾಯುಕ್ತ ಅಧಿಕಾರಿಗಳು ಅಕ್ರಮ ಆಸ್ತಿ ಪತ್ತೆ ಹಚ್ಚಿದ್ದಾರೆ.

ಕುಣಿಗಲ್ ಪುರಸಭೆ ಮುಖ್ಯಾಧಿಕಾರಿ ಮಂಜುಳಾ ಅವರ ಮನೆ ಮೇಲೆ ದಾಳಿ ನಡೆಸಲಾಗಿದೆ. ತುಮಕೂರು ನಗರದಲ್ಲಿರುವ ಮನೆ ಹಾಗೂ ಕಚೇರಿ ಮೇಲೆ ದಾಳಿ ನಡೆಸಲಾಗಿದೆ. ದಾಖಲೆ ಪರಿಶೀಲನೆ ನಡೆಯುತ್ತಿದೆ.

ಬೆಂಗಳೂರಿನ ಬಿಬಿಎಂಪಿ ಅಧಿಕಾರಿ ನಿವಾಸ, ಮೈಸೂರಿನ ಪಿಡಬ್ಲ್ಯೂಡಿ ಎಂಜಿನಿಯರ್ ಮನೆ ಮೇಲೂ ದಾಳಿ ನಡೆದಿದೆ.

ನಿರ್ಮಾಣಗೊಂಡಿದೆ.

ಕೊಪ್ಪಳ ಕಾರಟಗಿ ಪಿಡಿಒ ರಾಜೇಶ್ ಅವರ ಮನೆ ಮೇಲೆ ದಾಳಿ ನಡೆಸಿ ಶೋಧ ನಡೆಸಲಾಗಿದ್ದು, ಬೆಲೆಬಾಳುವ ವಸ್ತುಗಳು, ಚಿನ್ನಾಭರಣ, ಆಸ್ತಿ ದಾಖಲೆ ಪತ್ತೆಯಾಗಿದೆ. ಲೋಕಾಯುಕ್ತ ಅಧಿಕಾರಿಗಳು ದಾಖಲೆ ಪರಿಶೀಲನೆ ನಡೆಸುತ್ತಿದ್ದಾರೆ.

ಕಲಬುರಗಿ ಜಿಲ್ಲೆಯ ಪಂಚಾಯತ್ ರಾಜ್ ಇಂಜಿನಿಯರಿಂಗ್ ವಿಭಾಗದ ಅಧಿಕಾರಿ ಮನೆ, ಕೋಲಾರ ತಹಶೀಲ್ದಾರ್ ಕಚೇರಿ ಅಧಿಕಾರಿ ಮನೆ ಮೇಲೂ ದಾಳಿ ನಡೆದಿದೆ.

ದಾಳಿ ವೇಳೆ ಅಪಾರ ಪ್ರಮಾಣದ ನಗದು, ಚಿನ್ನಾಭರಣ ಹಾಗೂ ಸ್ಥಿರಾಸ್ತಿ ದಾಖಲೆಗಳು ಪತ್ತೆಯಾಗಿವೆ. ಆದಾಯಕ್ಕಿಂತ ಹೆಚ್ಚು ಆಸ್ತಿ ಗಳಿಕೆ ಆರೋಪದ ಮೇಲೆ ಪ್ರಕರಣ ದಾಖಲಿಸಲಾಗಿದೆ.

ಅಪಾರ ಹಣ, ವಡವೆ ವಶ
ಬೆಂಗಳೂರು: ಪಾಕೆಟ್‌ಗಳಲ್ಲಿ ಚಿನ್ನದ ಬಿಸ್ಕತ್, 15ಕ್ಕೂ ಹೆಚ್ಚು ಚಿನ್ನದ ಕಿವಿಯೋಲೆಗಳು, ಸಾಲು ಸಾಲು ಚಿನ್ನದ ಸರಗಳು, ಬೆಳ್ಳಿಯ ಆಭರಣಗಳು, ಬೆಳ್ಳಿಯ ಬಟ್ಟಲು, ಬೆಳ್ಳಿ ತಟ್ಟೆ, ಬೆಳ್ಳಿಯ ದೀಪ, ಕಂತೆ ಕಂತೆ ನಗದು ಹಣ! ಇವೆಲ್ಲ ರಾಜ್ಯದ ವಿವಿಧೆಡೆ ದಾಳಿ ನಡೆಸಿದ ಲೋಕಾಯುಕ್ತ ಅಧಿಕಾರಿಗಳಿಗೆ ಸಿಕ್ಕ ಅಕ್ರಮ ಸಂಪತ್ತು.

ಅಧಿಕಾರಿಗಳ ಮನೆ ಮೇಲೆ ದಾಳಿ ನಡೆಸಲಾಗಿದೆ. ವಿಜಯಪುರದ ಬಿಎಲ್‌ಡಿ ಆಸ್ಪತ್ರೆ ಸಮೀಪದ ಮನೆ, ಬಾಗಲಕೋಟೆ ಜಿಲ್ಲೆಯ ಅಧಿಕಾರಿ ನಿವಾಸ, ಬೆಳಗಾವಿ ಆರ್‌ಟಿಒ ಅಧಿಕಾರಿಯ ಮನೆ ಸೇರಿದಂತೆ ಹಲವು ಕಡೆ ದಾಳಿ ನಡೆದಿದೆ. ಮೈಸೂರಿನಲ್ಲಿ ನಿವೃತ್ತ ಅಧಿಕಾರಿ ಮನೆಯಲ್ಲಿ ದಾಖಲೆ ಪರಿಶೀಲನೆ ನಡೆಯುತ್ತಿದೆ. ಲೋಕಾಯುಕ್ತ ಎಸ್‌ಪಿ ನೇತೃತ್ವದಲ್ಲಿ ದಾಳಿ ನಡೆದಿದೆ. ಚಿನ್ನಾಭರಣ, ನಗದು, ಆಸ್ತಿ ಪತ್ರಗಳನ್ನು ವಶಪಡಿಸಿಕೊಳ್ಳಲಾಗಿದೆ. ವಿಚಾರಣೆ ಮುಂದುವರೆದಿದೆ.
